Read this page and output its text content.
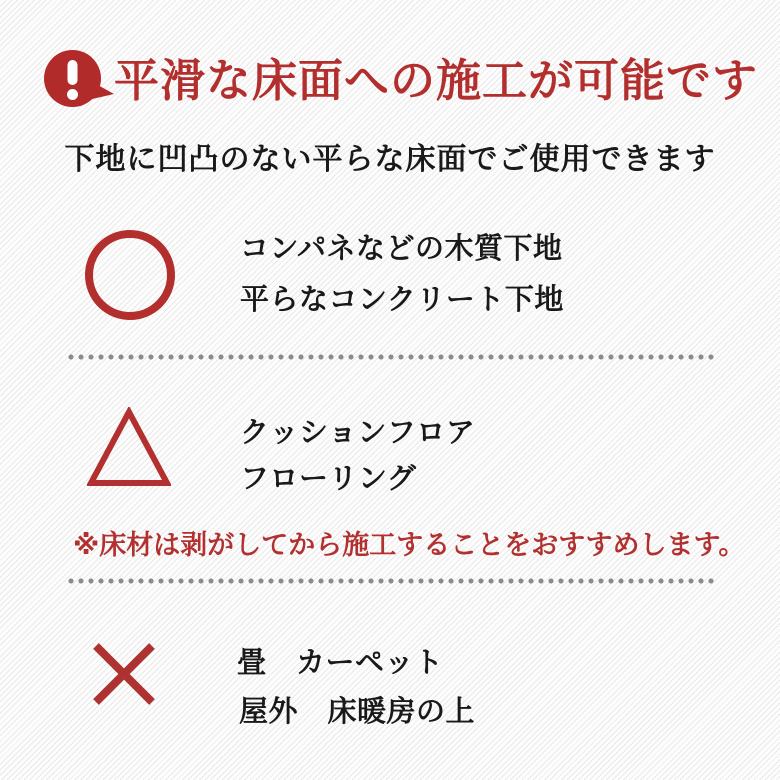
平滑な床面への施工が可能です
下地に凹凸のない平らな床面でご使用できます
コンパネなどの木質下地
平らなコンクリート下地
クッションフロア
フローリング
※床材は剥がしてから施工することをおすすめします。
畳　カーペット
屋外　床暖房の上
